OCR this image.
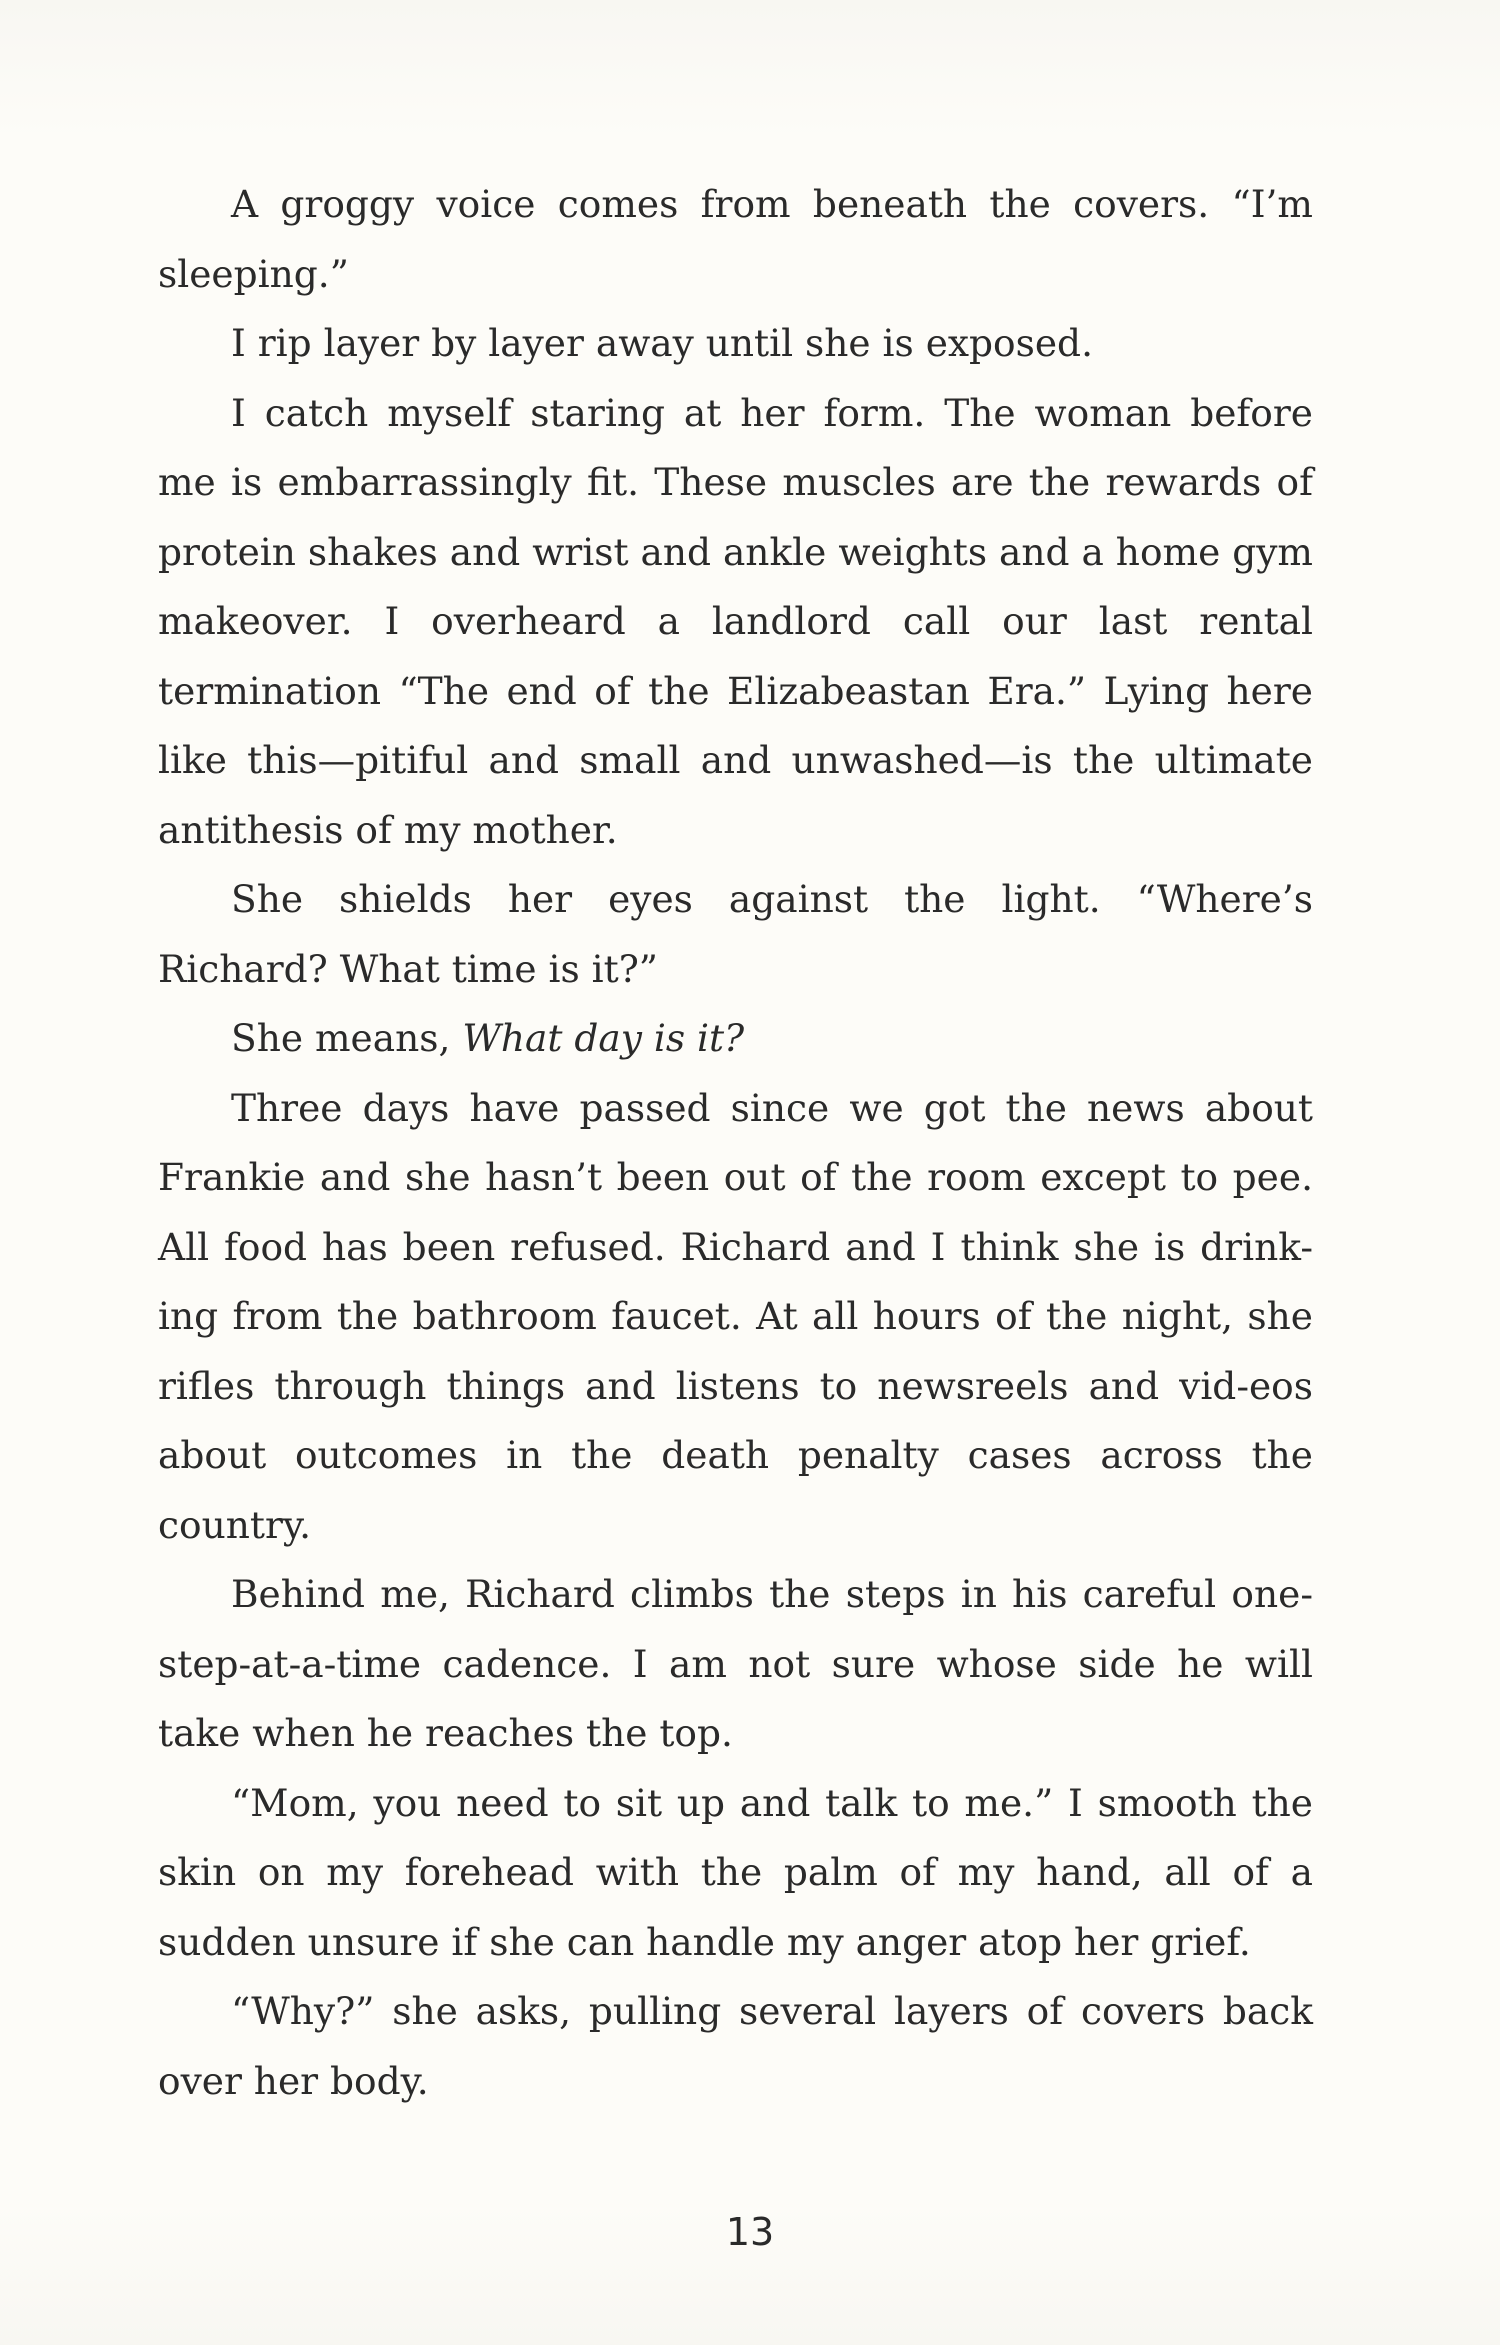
A groggy voice comes from beneath the covers. “I’m sleeping.”

I rip layer by layer away until she is exposed.

I catch myself staring at her form. The woman before me is embarrassingly fit. These muscles are the rewards of protein shakes and wrist and ankle weights and a home gym makeover. I overheard a landlord call our last rental termination “The end of the Elizabeastan Era.” Lying here like this—pitiful and small and unwashed—is the ultimate antithesis of my mother.

She shields her eyes against the light. “Where’s Richard? What time is it?”

She means, What day is it?

Three days have passed since we got the news about Frankie and she hasn’t been out of the room except to pee. All food has been refused. Richard and I think she is drink-ing from the bathroom faucet. At all hours of the night, she rifles through things and listens to newsreels and vid-eos about outcomes in the death penalty cases across the country.

Behind me, Richard climbs the steps in his careful one-step-at-a-time cadence. I am not sure whose side he will take when he reaches the top.

“Mom, you need to sit up and talk to me.” I smooth the skin on my forehead with the palm of my hand, all of a sudden unsure if she can handle my anger atop her grief.

“Why?” she asks, pulling several layers of covers back over her body.

13
